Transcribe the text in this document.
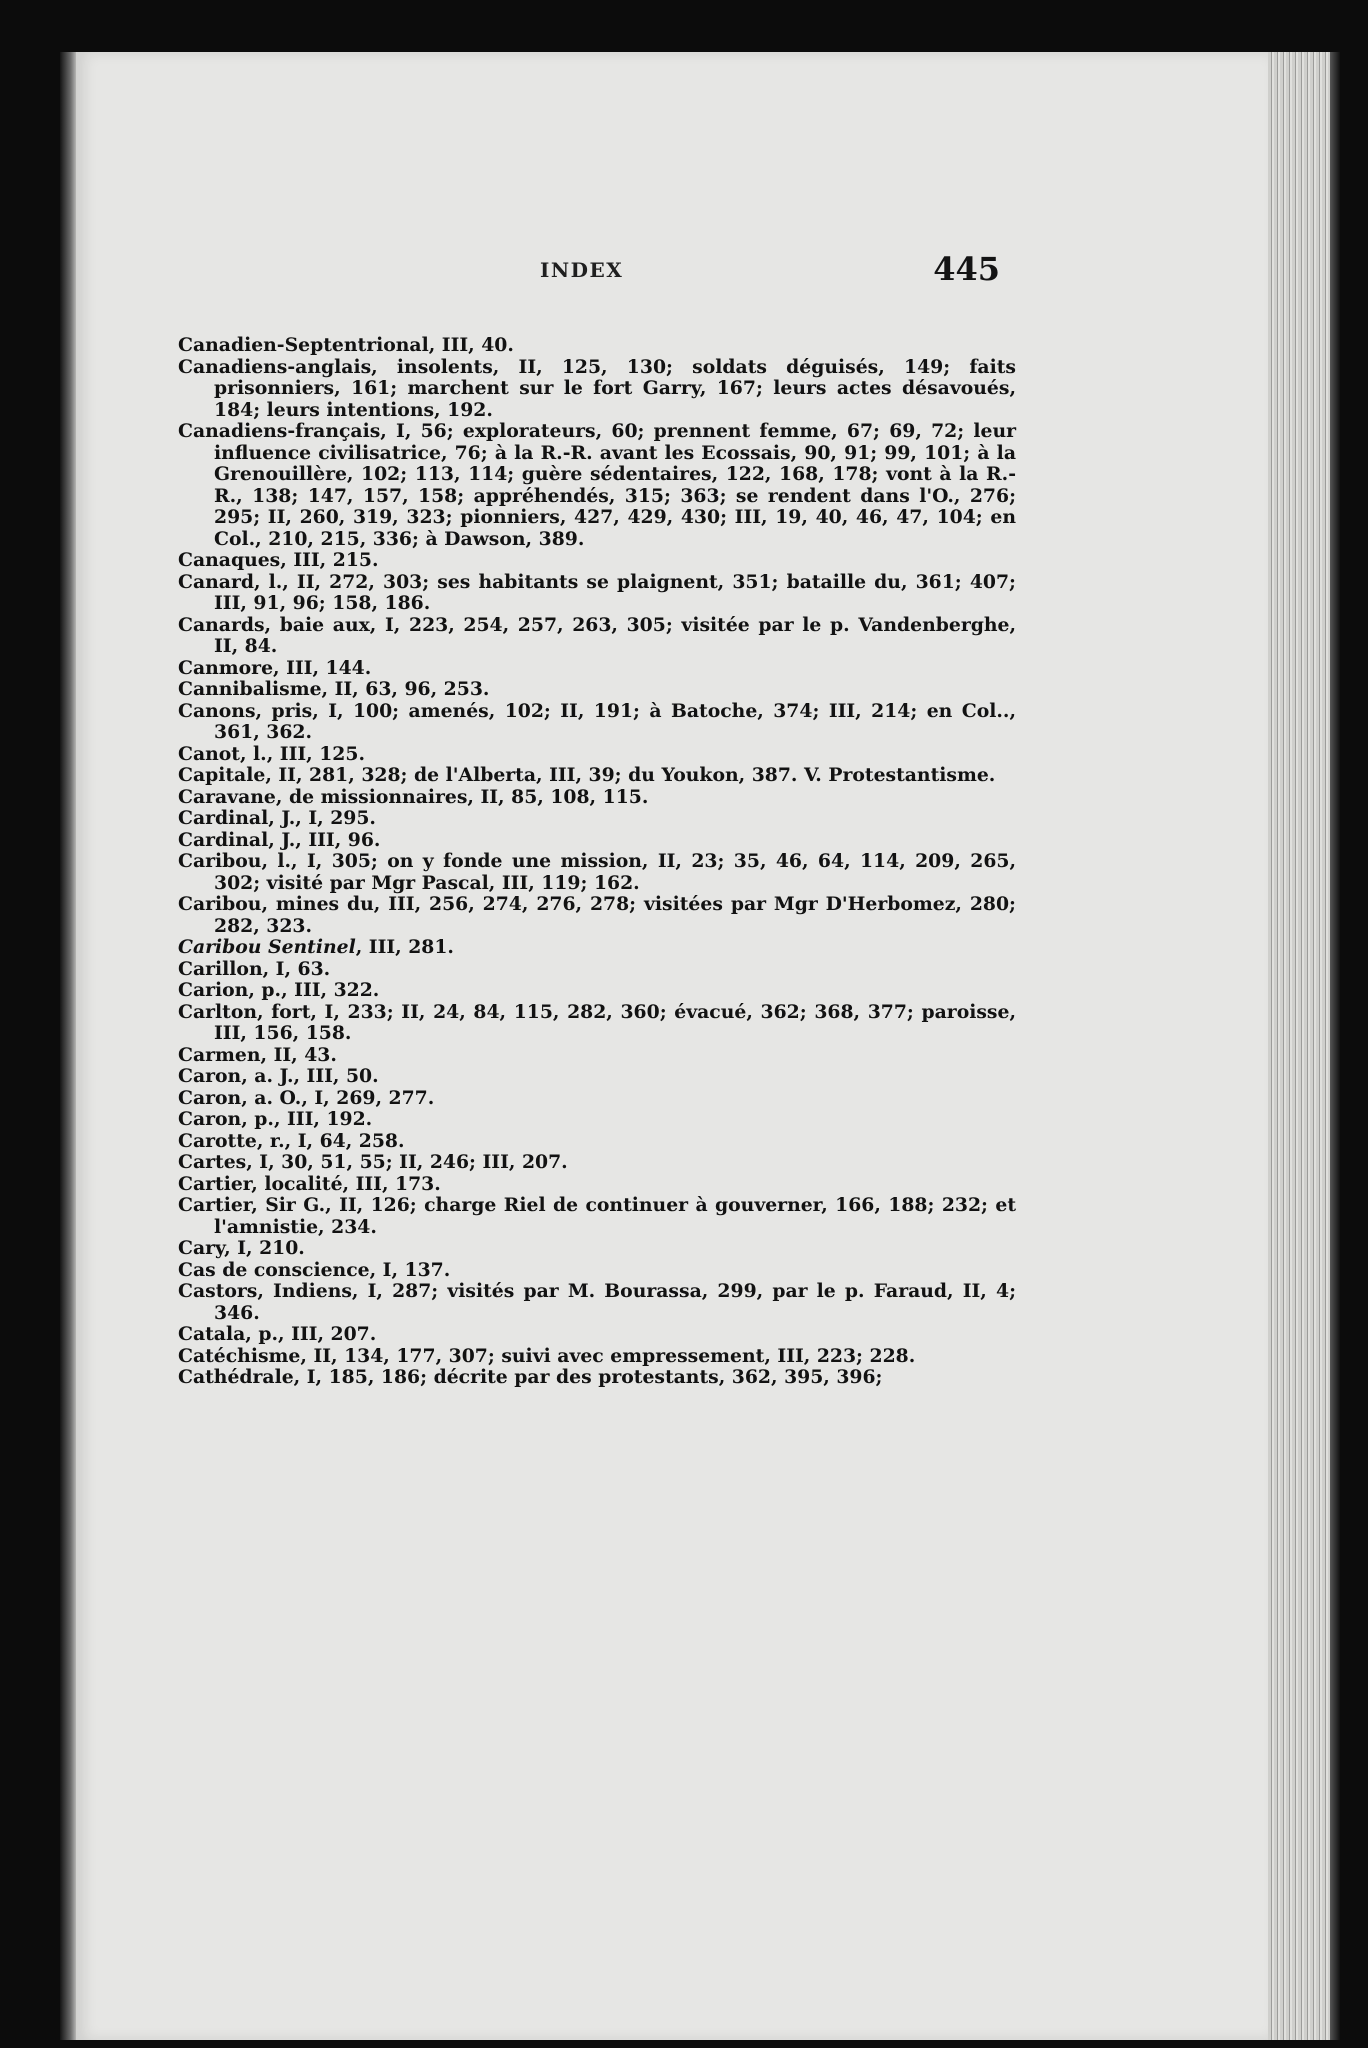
INDEX	445

Canadien-Septentrional, III, 40.

Canadiens-anglais, insolents, II, 125, 130; soldats déguisés, 149; faits prisonniers, 161; marchent sur le fort Garry, 167; leurs actes désavoués, 184; leurs intentions, 192.

Canadiens-français, I, 56; explorateurs, 60; prennent femme, 67; 69, 72; leur influence civilisatrice, 76; à la R.-R. avant les Ecossais, 90, 91; 99, 101; à la Grenouillère, 102; 113, 114; guère sédentaires, 122, 168, 178; vont à la R.-R., 138; 147, 157, 158; appréhendés, 315; 363; se rendent dans l'O., 276; 295; II, 260, 319, 323; pionniers, 427, 429, 430; III, 19, 40, 46, 47, 104; en Col., 210, 215, 336; à Dawson, 389.

Canaques, III, 215.

Canard, l., II, 272, 303; ses habitants se plaignent, 351; bataille du, 361; 407; III, 91, 96; 158, 186.

Canards, baie aux, I, 223, 254, 257, 263, 305; visitée par le p. Vandenberghe, II, 84.

Canmore, III, 144.

Cannibalisme, II, 63, 96, 253.

Canons, pris, I, 100; amenés, 102; II, 191; à Batoche, 374; III, 214; en Col.., 361, 362.

Canot, l., III, 125.

Capitale, II, 281, 328; de l'Alberta, III, 39; du Youkon, 387. V. Protestantisme.

Caravane, de missionnaires, II, 85, 108, 115.

Cardinal, J., I, 295.

Cardinal, J., III, 96.

Caribou, l., I, 305; on y fonde une mission, II, 23; 35, 46, 64, 114, 209, 265, 302; visité par Mgr Pascal, III, 119; 162.

Caribou, mines du, III, 256, 274, 276, 278; visitées par Mgr D'Herbomez, 280; 282, 323.

Caribou Sentinel, III, 281.

Carillon, I, 63.

Carion, p., III, 322.

Carlton, fort, I, 233; II, 24, 84, 115, 282, 360; évacué, 362; 368, 377; paroisse, III, 156, 158.

Carmen, II, 43.

Caron, a. J., III, 50.

Caron, a. O., I, 269, 277.

Caron, p., III, 192.

Carotte, r., I, 64, 258.

Cartes, I, 30, 51, 55; II, 246; III, 207.

Cartier, localité, III, 173.

Cartier, Sir G., II, 126; charge Riel de continuer à gouverner, 166, 188; 232; et l'amnistie, 234.

Cary, I, 210.

Cas de conscience, I, 137.

Castors, Indiens, I, 287; visités par M. Bourassa, 299, par le p. Faraud, II, 4; 346.

Catala, p., III, 207.

Catéchisme, II, 134, 177, 307; suivi avec empressement, III, 223; 228.

Cathédrale, I, 185, 186; décrite par des protestants, 362, 395, 396;
